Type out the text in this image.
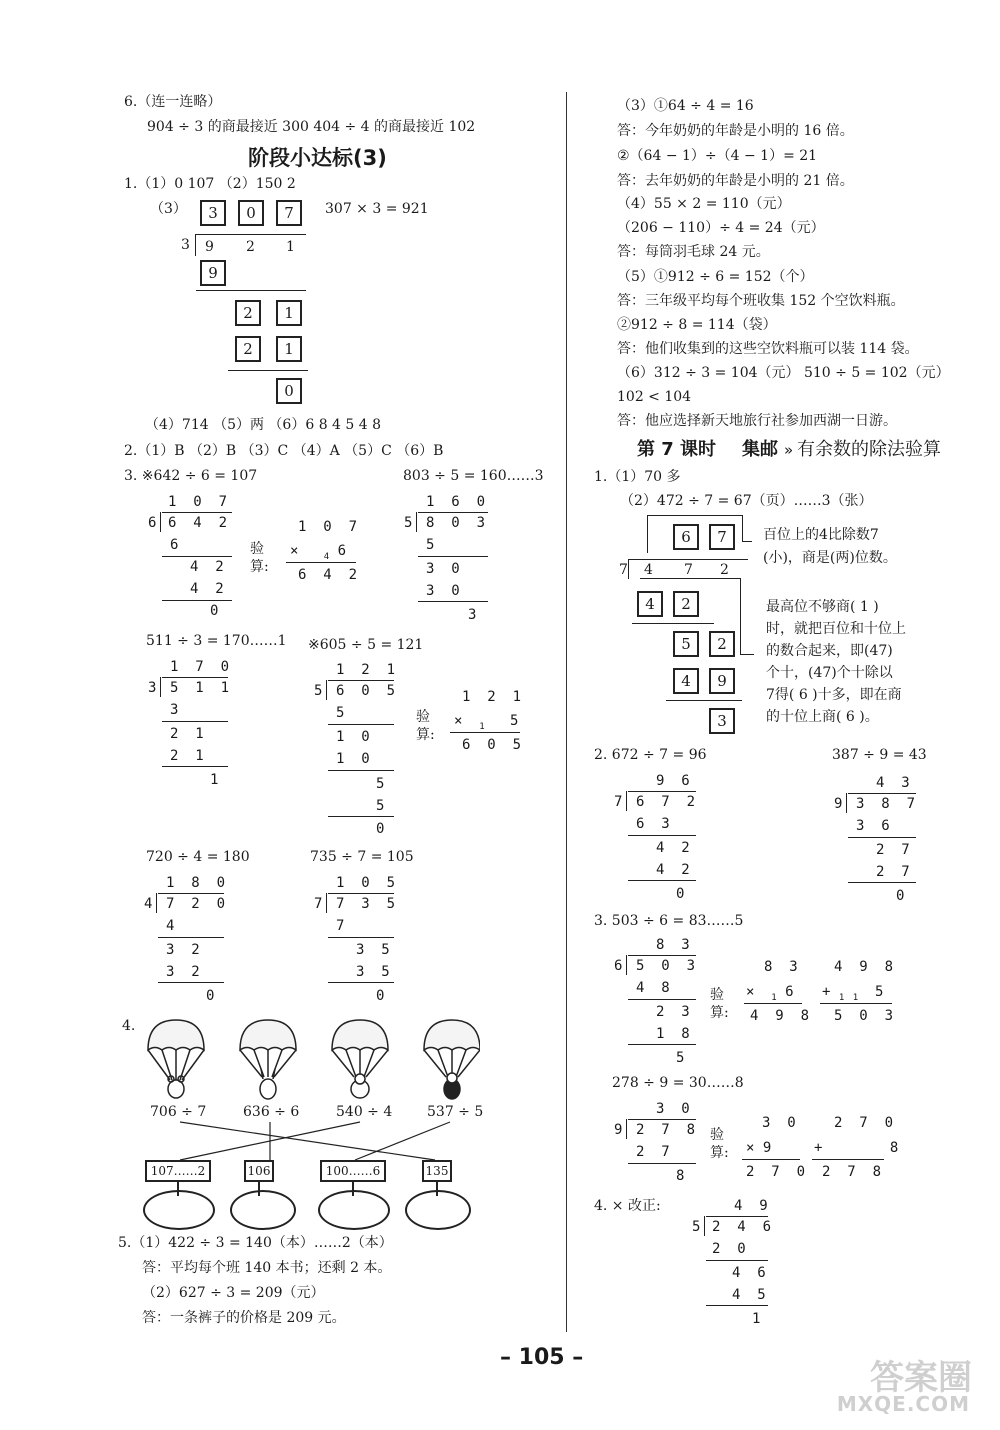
6.（连一连略）
904 ÷ 3 的商最接近 300 404 ÷ 4 的商最接近 102
阶段小达标(3)
1.（1）0 107 （2）150 2
（3）	307 × 3 = 921
3	0	7
3 9 2 1
9
2	1
2	1
0
（4）714 （5）两 （6）6 8 4 5 4 8
2.（1）B （2）B （3）C （4）A （5）C （6）B
3. ※642 ÷ 6 = 107	803 ÷ 5 = 160……3
1  0  7
6 6  4  2
6
4  2
4  2
0
验
算:
1  0  7
×   $_4$ 6
6  4  2
1  6  0
5 8  0  3
5
3  0
3  0
3
511 ÷ 3 = 170……1 ※605 ÷ 5 = 121
1  7  0
3 5  1  1
3
2  1
2  1
1
1  2  1
5 6  0  5
5
1  0
1  0
5
5
0
验
算:
1  2  1
×  $_1$   5
6  0  5
720 ÷ 4 = 180	735 ÷ 7 = 105
1  8  0
4 7  2  0
4
3  2
3  2
0
1  0  5
7 7  3  5
7
3  5
3  5
0
4.
706 ÷ 7	636 ÷ 6	540 ÷ 4 537 ÷ 5
107……2	106	100……6	135
5.（1）422 ÷ 3 = 140（本）……2（本）
答：平均每个班 140 本书；还剩 2 本。
（2）627 ÷ 3 = 209（元）
答：一条裤子的价格是 209 元。
（3）①64 ÷ 4 = 16
答：今年奶奶的年龄是小明的 16 倍。
②（64 − 1）÷（4 − 1）= 21
答：去年奶奶的年龄是小明的 21 倍。
（4）55 × 2 = 110（元）
（206 − 110）÷ 4 = 24（元）
答：每筒羽毛球 24 元。
（5）①912 ÷ 6 = 152（个）
答：三年级平均每个班收集 152 个空饮料瓶。
②912 ÷ 8 = 114（袋）
答：他们收集到的这些空饮料瓶可以装 114 袋。
（6）312 ÷ 3 = 104（元） 510 ÷ 5 = 102（元）
102 < 104
答：他应选择新天地旅行社参加西湖一日游。
第 7 课时 集邮 » 有余数的除法验算
1.（1）70 多
（2）472 ÷ 7 = 67（页）……3（张）
6	7	百位上的4比除数7
(小)，商是(两)位数。
7 4 7 2
4	2
5	2
4	9
3
最高位不够商( 1 )
时，就把百位和十位上
的数合起来，即(47)
个十，(47)个十除以
7得( 6 )十多，即在商
的十位上商( 6 )。
2. 672 ÷ 7 = 96	387 ÷ 9 = 43
9  6
7 6  7  2
6  3
4  2
4  2
0
4  3
9 3  8  7
3  6
2  7
2  7
0
3. 503 ÷ 6 = 83……5
8  3
6 5  0  3
4  8
2  3
1  8
5
验
算:
8  3
×  $_1$ 6
4  9  8
4  9  8
+ $_1$ $_1$  5
5  0  3
278 ÷ 9 = 30……8
3  0
9 2  7  8
2  7
8
验
算:
3  0
× 9
2  7  0
2  7  0
+        8
2  7  8
4. × 改正:	4  9
5 2  4  6
2  0
4  6
4  5
1
– 105 –
答案圈
MXQE.COM
